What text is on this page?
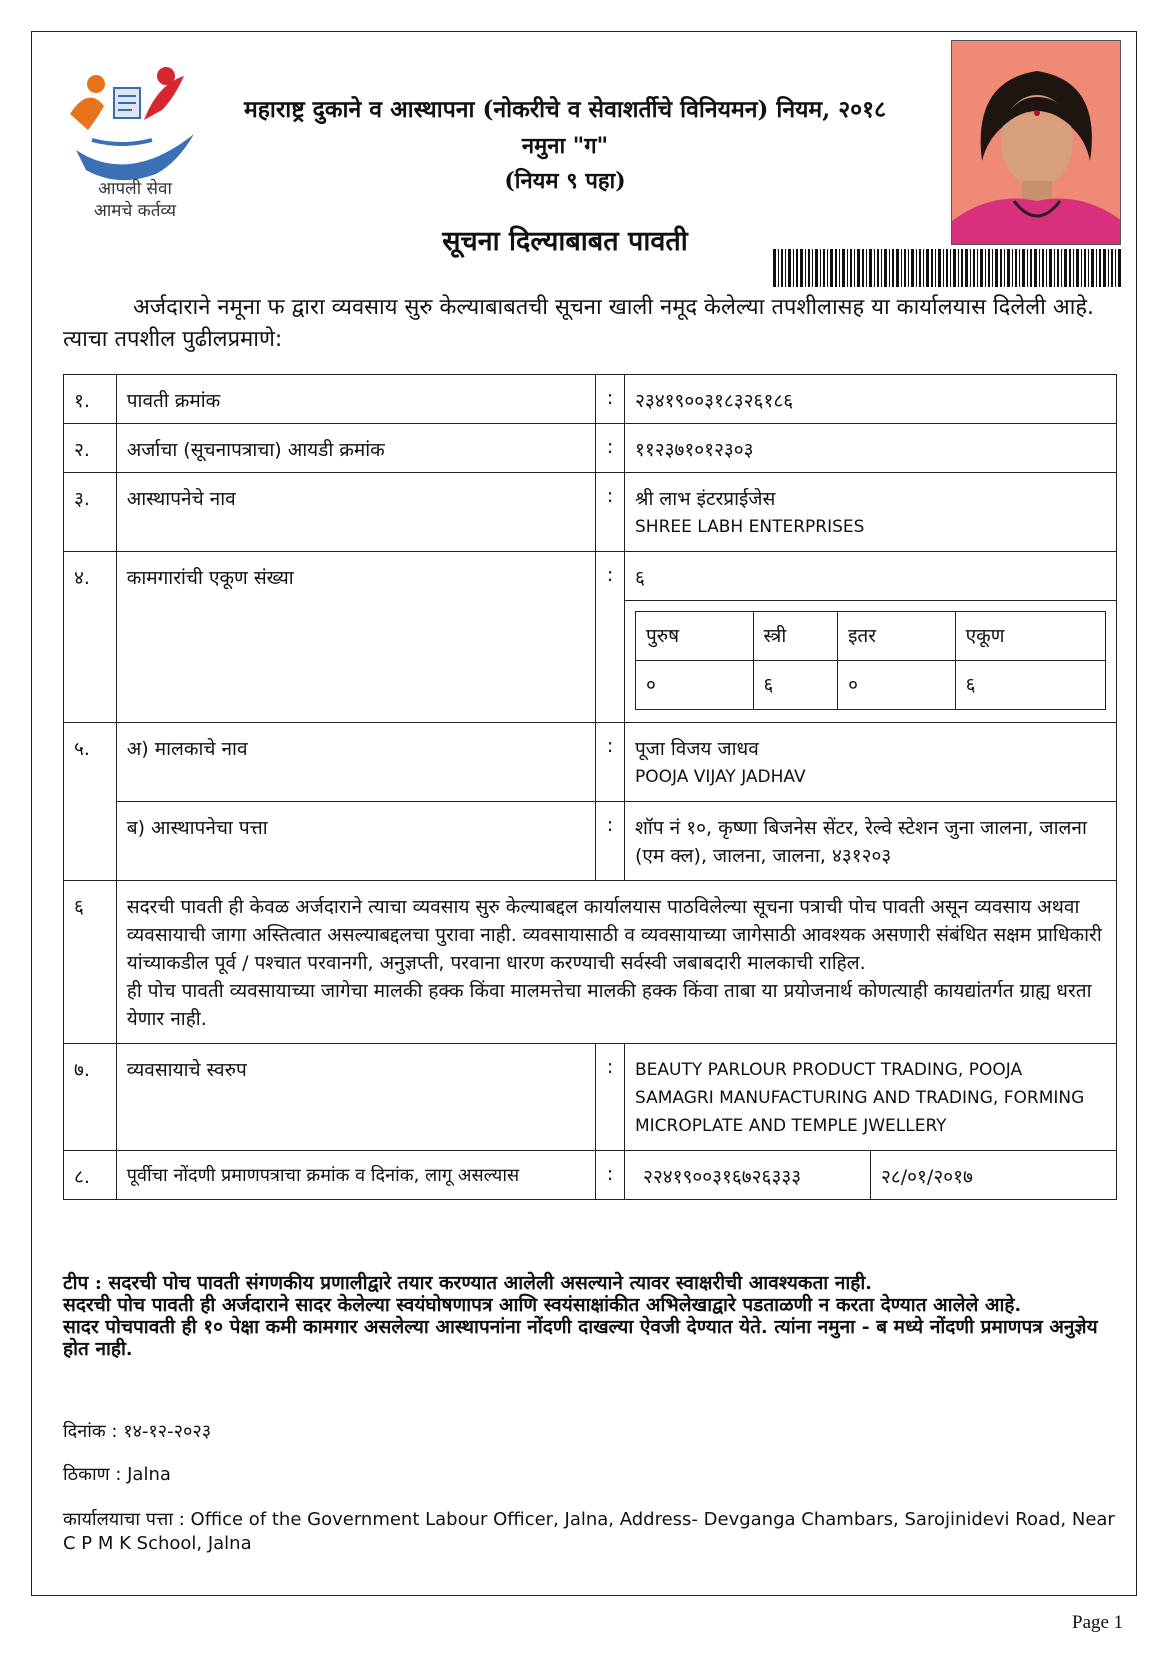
आपली सेवा
आमचे कर्तव्य
महाराष्ट्र दुकाने व आस्थापना (नोकरीचे व सेवाशर्तीचे विनियमन) नियम, २०१८
नमुना "ग"
(नियम ९ पहा)
सूचना दिल्याबाबत पावती

अर्जदाराने नमूना फ द्वारा व्यवसाय सुरु केल्याबाबतची सूचना खाली नमूद केलेल्या तपशीलासह या कार्यालयास दिलेली आहे. त्याचा तपशील पुढीलप्रमाणे:

१.	पावती क्रमांक	:	२३४१९००३१८३२६१८६
२.	अर्जाचा (सूचनापत्राचा) आयडी क्रमांक	:	११२३७१०१२३०३
३.	आस्थापनेचे नाव	:	श्री लाभ इंटरप्राईजेस
SHREE LABH ENTERPRISES

४.	कामगारांची एकूण संख्या	:	६

पुरुष	स्त्री	इतर	एकूण
०	६	०	६

५.	अ) मालकाचे नाव	:	पूजा विजय जाधव
POOJA VIJAY JADHAV

ब) आस्थापनेचा पत्ता	:	शॉप नं १०, कृष्णा बिजनेस सेंटर, रेल्वे स्टेशन जुना जालना, जालना (एम क्ल), जालना, जालना, ४३१२०३
६	सदरची पावती ही केवळ अर्जदाराने त्याचा व्यवसाय सुरु केल्याबद्दल कार्यालयास पाठविलेल्या सूचना पत्राची पोच पावती असून व्यवसाय अथवा व्यवसायाची जागा अस्तित्वात असल्याबद्दलचा पुरावा नाही. व्यवसायासाठी व व्यवसायाच्या जागेसाठी आवश्यक असणारी संबंधित सक्षम प्राधिकारी यांच्याकडील पूर्व / पश्चात परवानगी, अनुज्ञप्ती, परवाना धारण करण्याची सर्वस्वी जबाबदारी मालकाची राहिल.
ही पोच पावती व्यवसायाच्या जागेचा मालकी हक्क किंवा मालमत्तेचा मालकी हक्क किंवा ताबा या प्रयोजनार्थ कोणत्याही कायद्यांतर्गत ग्राह्य धरता येणार नाही.

७.	व्यवसायाचे स्वरुप	:	BEAUTY PARLOUR PRODUCT TRADING, POOJA SAMAGRI MANUFACTURING AND TRADING, FORMING MICROPLATE AND TEMPLE JWELLERY
८.	पूर्वीचा नोंदणी प्रमाणपत्राचा क्रमांक व दिनांक, लागू असल्यास	:	२२४१९००३१६७२६३३३	२८/०१/२०१७

टीप : सदरची पोच पावती संगणकीय प्रणालीद्वारे तयार करण्यात आलेली असल्याने त्यावर स्वाक्षरीची आवश्यकता नाही.

सदरची पोच पावती ही अर्जदाराने सादर केलेल्या स्वयंघोषणापत्र आणि स्वयंसाक्षांकीत अभिलेखाद्वारे पडताळणी न करता देण्यात आलेले आहे.

सादर पोचपावती ही १० पेक्षा कमी कामगार असलेल्या आस्थापनांना नोंदणी दाखल्या ऐवजी देण्यात येते. त्यांना नमुना - ब मध्ये नोंदणी प्रमाणपत्र अनुज्ञेय होत नाही.

दिनांक : १४-१२-२०२३
ठिकाण : Jalna
कार्यालयाचा पत्ता : Office of the Government Labour Officer, Jalna, Address- Devganga Chambars, Sarojinidevi Road, Near C P M K School, Jalna
Page 1
